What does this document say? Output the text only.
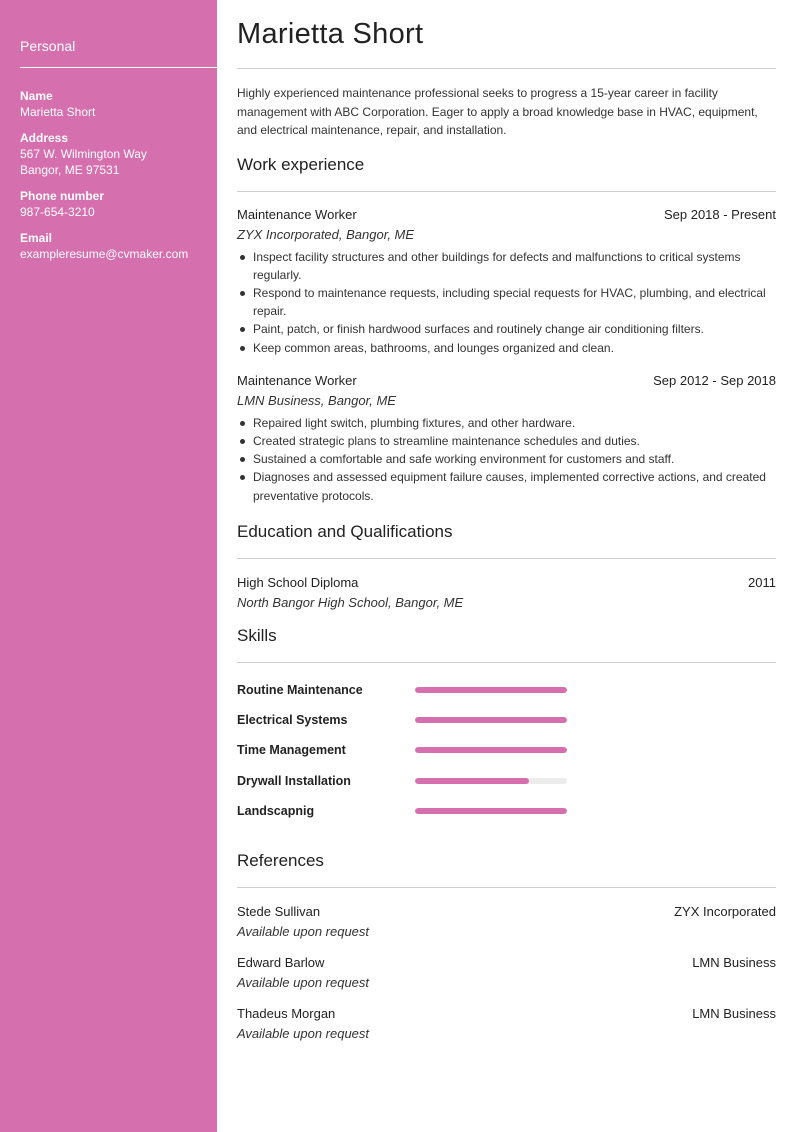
Personal
Name
Marietta Short
Address
567 W. Wilmington Way
Bangor, ME 97531
Phone number
987-654-3210
Email
exampleresume@cvmaker.com
Marietta Short

Highly experienced maintenance professional seeks to progress a 15-year career in facility management with ABC Corporation. Eager to apply a broad knowledge base in HVAC, equipment, and electrical maintenance, repair, and installation.

Work experience
Maintenance Worker	Sep 2018 - Present
ZYX Incorporated, Bangor, ME
Inspect facility structures and other buildings for defects and malfunctions to critical systems regularly.
Respond to maintenance requests, including special requests for HVAC, plumbing, and electrical repair.
Paint, patch, or finish hardwood surfaces and routinely change air conditioning filters.
Keep common areas, bathrooms, and lounges organized and clean.
Maintenance Worker	Sep 2012 - Sep 2018
LMN Business, Bangor, ME
Repaired light switch, plumbing fixtures, and other hardware.
Created strategic plans to streamline maintenance schedules and duties.
Sustained a comfortable and safe working environment for customers and staff.
Diagnoses and assessed equipment failure causes, implemented corrective actions, and created preventative protocols.
Education and Qualifications
High School Diploma	2011
North Bangor High School, Bangor, ME
Skills
Routine Maintenance
Electrical Systems
Time Management
Drywall Installation
Landscapnig
References
Stede Sullivan	ZYX Incorporated
Available upon request
Edward Barlow	LMN Business
Available upon request
Thadeus Morgan	LMN Business
Available upon request
